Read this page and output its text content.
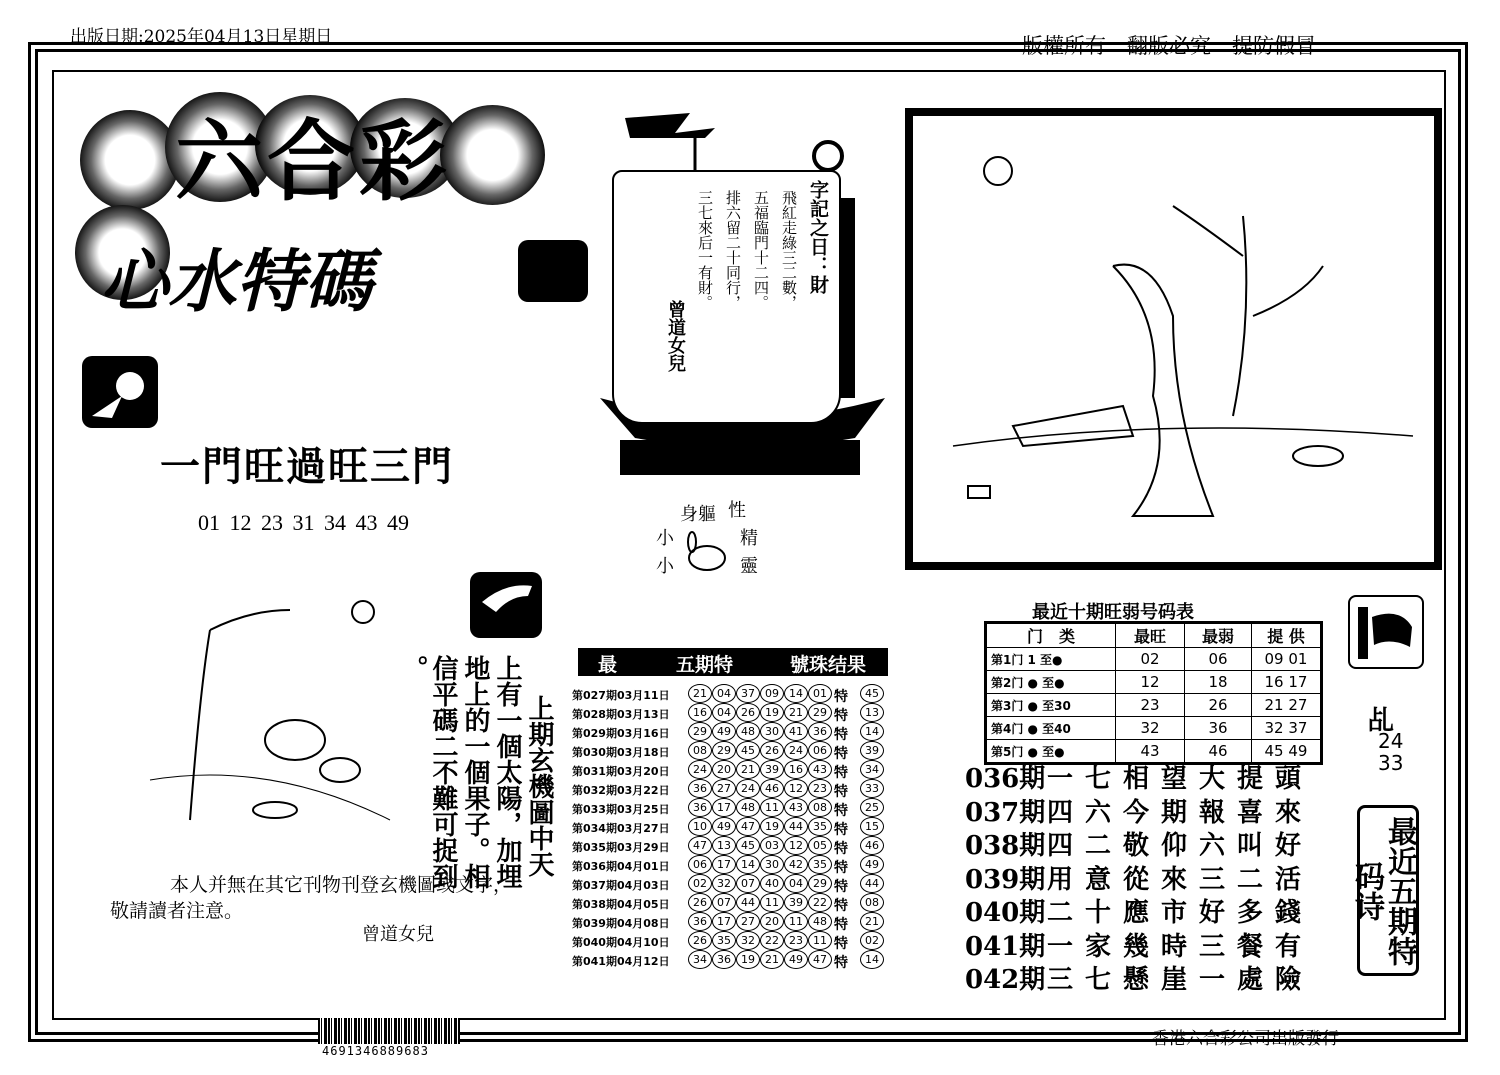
出版日期:2025年04月13日星期日	版權所有　翻版必究　提防假冒
六合彩
心水特碼
一門旺過旺三門
01 12 23 31 34 43 49
字記之日：財
飛紅走綠三二數，
五福臨門十二四。
排六留二十同行，
三七來后一有財。
曾道女兒
身軀 性
小	精
小	靈
上期玄機圖中天
上有一個太陽，加埋
地上的一個果子。相
信平碼二不難可捉到
。
本人并無在其它刊物刊登玄機圖或文字，
敬請讀者注意。
曾道女兒
最	五期特	號珠结果
第027期03月11日	21 04 37 09 14 01 特	45
第028期03月13日	16 04 26 19 21 29 特	13
第029期03月16日	29 49 48 30 41 36 特	14
第030期03月18日	08 29 45 26 24 06 特	39
第031期03月20日	24 20 21 39 16 43 特	34
第032期03月22日	36 27 24 46 12 23 特	33
第033期03月25日	36 17 48 11 43 08 特	25
第034期03月27日	10 49 47 19 44 35 特	15
第035期03月29日	47 13 45 03 12 05 特	46
第036期04月01日	06 17 14 30 42 35 特	49
第037期04月03日	02 32 07 40 04 29 特	44
第038期04月05日	26 07 44 11 39 22 特	08
第039期04月08日	36 17 27 20 11 48 特	21
第040期04月10日	26 35 32 22 23 11 特	02
第041期04月12日	34 36 19 21 49 47 特	14
最近十期旺弱号码表
门　类	最旺	最弱	提 供
第1门 1 至●	02	06	09 01
第2门 ● 至●	12	18	16 17
第3门 ● 至30	23	26	21 27
第4门 ● 至40	32	36	32 37
第5门 ● 至●	43	46	45 49
036期一七相望大提頭
037期四六今期報喜來
038期四二敬仰六叫好
039期用意從來三二活
040期二十應市好多錢
041期一家幾時三餐有
042期三七懸崖一處險
乩
24
33
最近五期特码诗
4691346889683
香港六合彩公司出版發行
